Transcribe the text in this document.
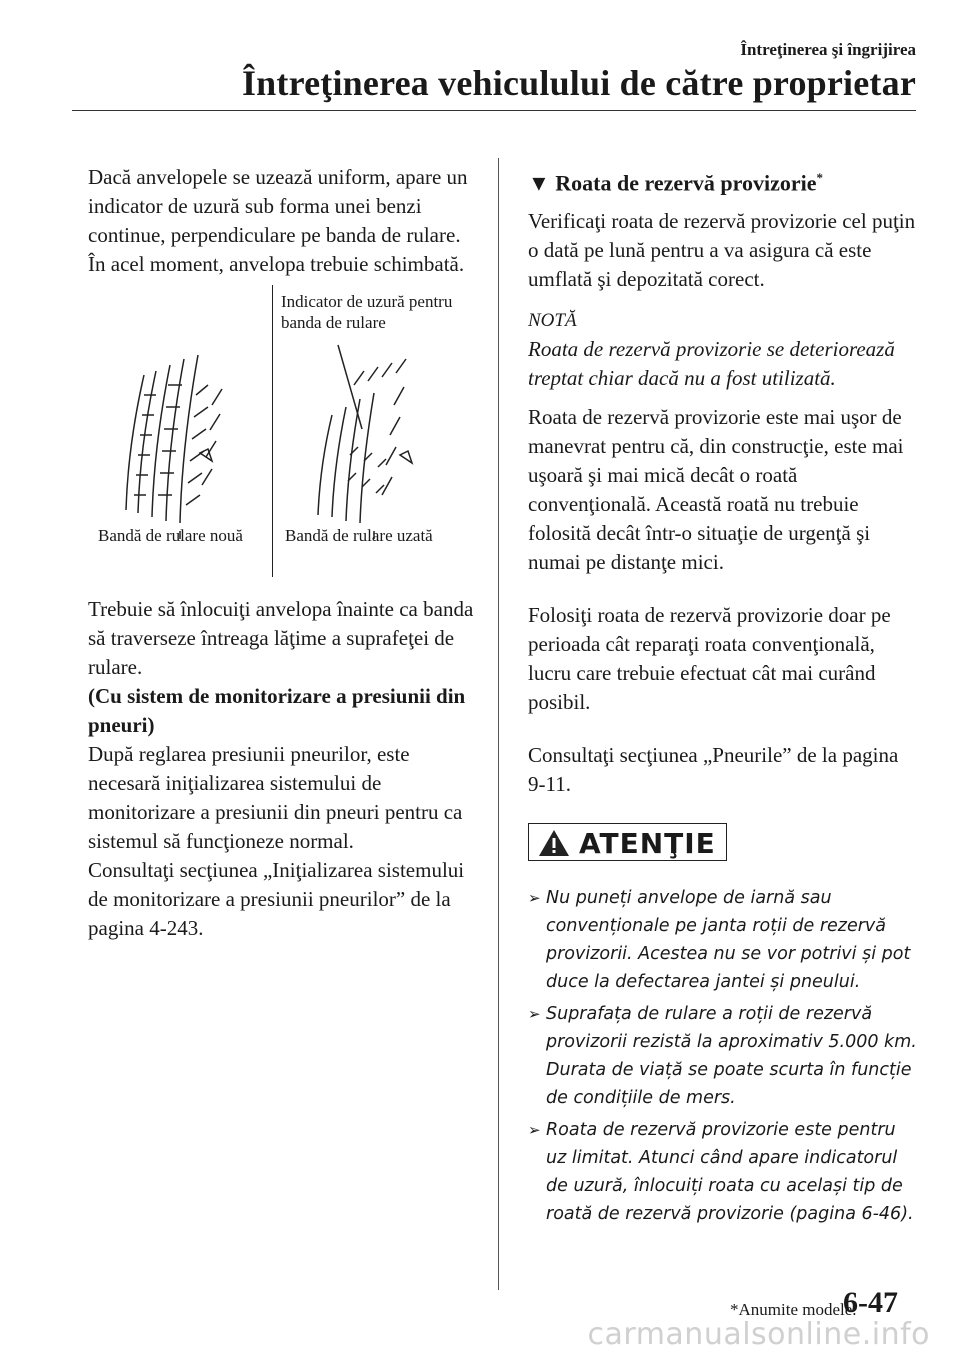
Întreţinerea şi îngrijirea
Întreţinerea vehiculului de către proprietar

Dacă anvelopele se uzează uniform, apare un indicator de uzură sub forma unei benzi continue, perpendiculare pe banda de rulare.

În acel moment, anvelopa trebuie schimbată.

Indicator de uzură pentru banda de rulare
Bandă de rulare nouă Bandă de rulare uzată

Trebuie să înlocuiţi anvelopa înainte ca banda să traverseze întreaga lăţime a suprafeţei de rulare.

(Cu sistem de monitorizare a presiunii din pneuri)

După reglarea presiunii pneurilor, este necesară iniţializarea sistemului de monitorizare a presiunii din pneuri pentru ca sistemul să funcţioneze normal.

Consultaţi secţiunea „Iniţializarea sistemului de monitorizare a presiunii pneurilor” de la pagina 4-243.

▼ Roata de rezervă provizorie*

Verificaţi roata de rezervă provizorie cel puţin o dată pe lună pentru a va asigura că este umflată şi depozitată corect.

NOTĂ

Roata de rezervă provizorie se deteriorează treptat chiar dacă nu a fost utilizată.

Roata de rezervă provizorie este mai uşor de manevrat pentru că, din construcţie, este mai uşoară şi mai mică decât o roată convenţională. Această roată nu trebuie folosită decât într-o situaţie de urgenţă şi numai pe distanţe mici.

Folosiţi roata de rezervă provizorie doar pe perioada cât reparaţi roata convenţională, lucru care trebuie efectuat cât mai curând posibil.

Consultaţi secţiunea „Pneurile” de la pagina 9-11.

ATENŢIE
➢ Nu puneți anvelope de iarnă sau convenționale pe janta roții de rezervă provizorii. Acestea nu se vor potrivi și pot duce la defectarea jantei și pneului.
➢ Suprafața de rulare a roții de rezervă provizorii rezistă la aproximativ 5.000 km. Durata de viață se poate scurta în funcție de condițiile de mers.
➢ Roata de rezervă provizorie este pentru uz limitat. Atunci când apare indicatorul de uzură, înlocuiți roata cu același tip de roată de rezervă provizorie (pagina 6-46).
*Anumite modele.
6-47
carmanualsonline.info
